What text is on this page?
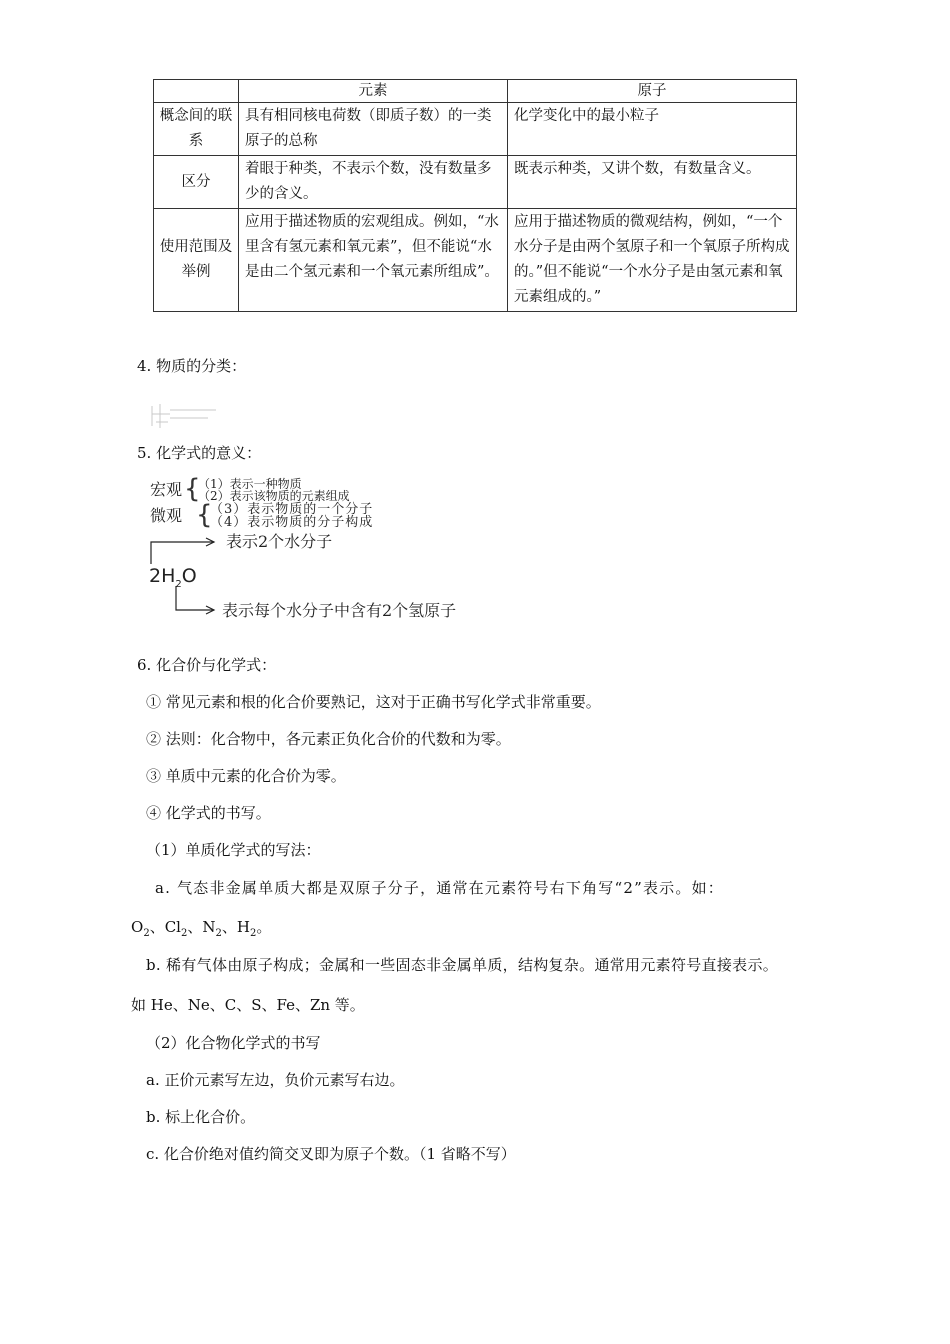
	元素	原子
概念间的联系	具有相同核电荷数（即质子数）的一类原子的总称	化学变化中的最小粒子
区分	着眼于种类，不表示个数，没有数量多少的含义。	既表示种类，又讲个数，有数量含义。
使用范围及举例	应用于描述物质的宏观组成。例如，“水里含有氢元素和氧元素”，但不能说“水是由二个氢元素和一个氧元素所组成”。	应用于描述物质的微观结构，例如，“一个水分子是由两个氢原子和一个氧原子所构成的。”但不能说“一个水分子是由氢元素和氧元素组成的。”
4. 物质的分类：
5. 化学式的意义：
宏观 {
（1）表示一种物质
（2）表示该物质的元素组成
微观 {
（3）表示物质的一个分子
（4）表示物质的分子构成
表示2个水分子
$2H_2O$
表示每个水分子中含有2个氢原子
6. 化合价与化学式：
① 常见元素和根的化合价要熟记，这对于正确书写化学式非常重要。
② 法则：化合物中，各元素正负化合价的代数和为零。
③ 单质中元素的化合价为零。
④ 化学式的书写。
（1）单质化学式的写法：
a. 气态非金属单质大都是双原子分子，通常在元素符号右下角写“2”表示。如：
$O_2$、$Cl_2$、$N_2$、$H_2$。
b. 稀有气体由原子构成；金属和一些固态非金属单质，结构复杂。通常用元素符号直接表示。
如 He、Ne、C、S、Fe、Zn 等。
（2）化合物化学式的书写
a. 正价元素写左边，负价元素写右边。
b. 标上化合价。
c. 化合价绝对值约简交叉即为原子个数。（1 省略不写）
